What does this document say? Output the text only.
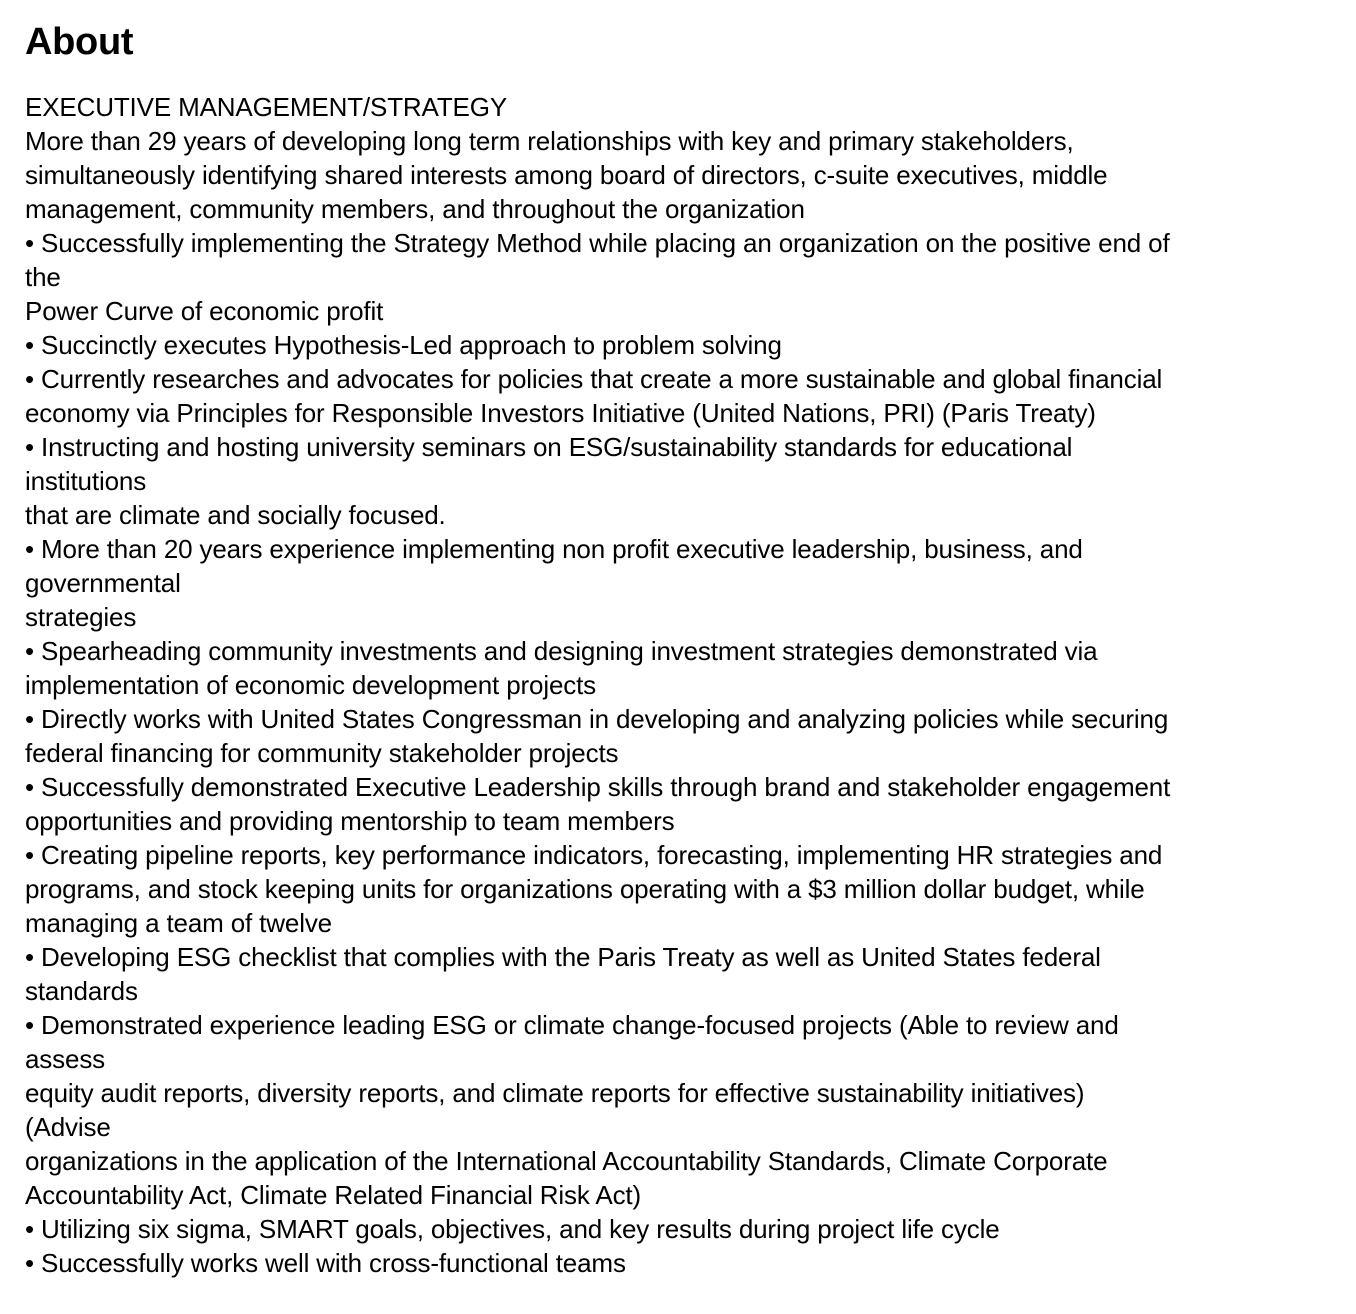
About
EXECUTIVE MANAGEMENT/STRATEGY
More than 29 years of developing long term relationships with key and primary stakeholders,
simultaneously identifying shared interests among board of directors, c-suite executives, middle
management, community members, and throughout the organization
• Successfully implementing the Strategy Method while placing an organization on the positive end of
the
Power Curve of economic profit
• Succinctly executes Hypothesis-Led approach to problem solving
• Currently researches and advocates for policies that create a more sustainable and global financial
economy via Principles for Responsible Investors Initiative (United Nations, PRI) (Paris Treaty)
• Instructing and hosting university seminars on ESG/sustainability standards for educational
institutions
that are climate and socially focused.
• More than 20 years experience implementing non profit executive leadership, business, and
governmental
strategies
• Spearheading community investments and designing investment strategies demonstrated via
implementation of economic development projects
• Directly works with United States Congressman in developing and analyzing policies while securing
federal financing for community stakeholder projects
• Successfully demonstrated Executive Leadership skills through brand and stakeholder engagement
opportunities and providing mentorship to team members
• Creating pipeline reports, key performance indicators, forecasting, implementing HR strategies and
programs, and stock keeping units for organizations operating with a $3 million dollar budget, while
managing a team of twelve
• Developing ESG checklist that complies with the Paris Treaty as well as United States federal
standards
• Demonstrated experience leading ESG or climate change-focused projects (Able to review and
assess
equity audit reports, diversity reports, and climate reports for effective sustainability initiatives)
(Advise
organizations in the application of the International Accountability Standards, Climate Corporate
Accountability Act, Climate Related Financial Risk Act)
• Utilizing six sigma, SMART goals, objectives, and key results during project life cycle
• Successfully works well with cross-functional teams
